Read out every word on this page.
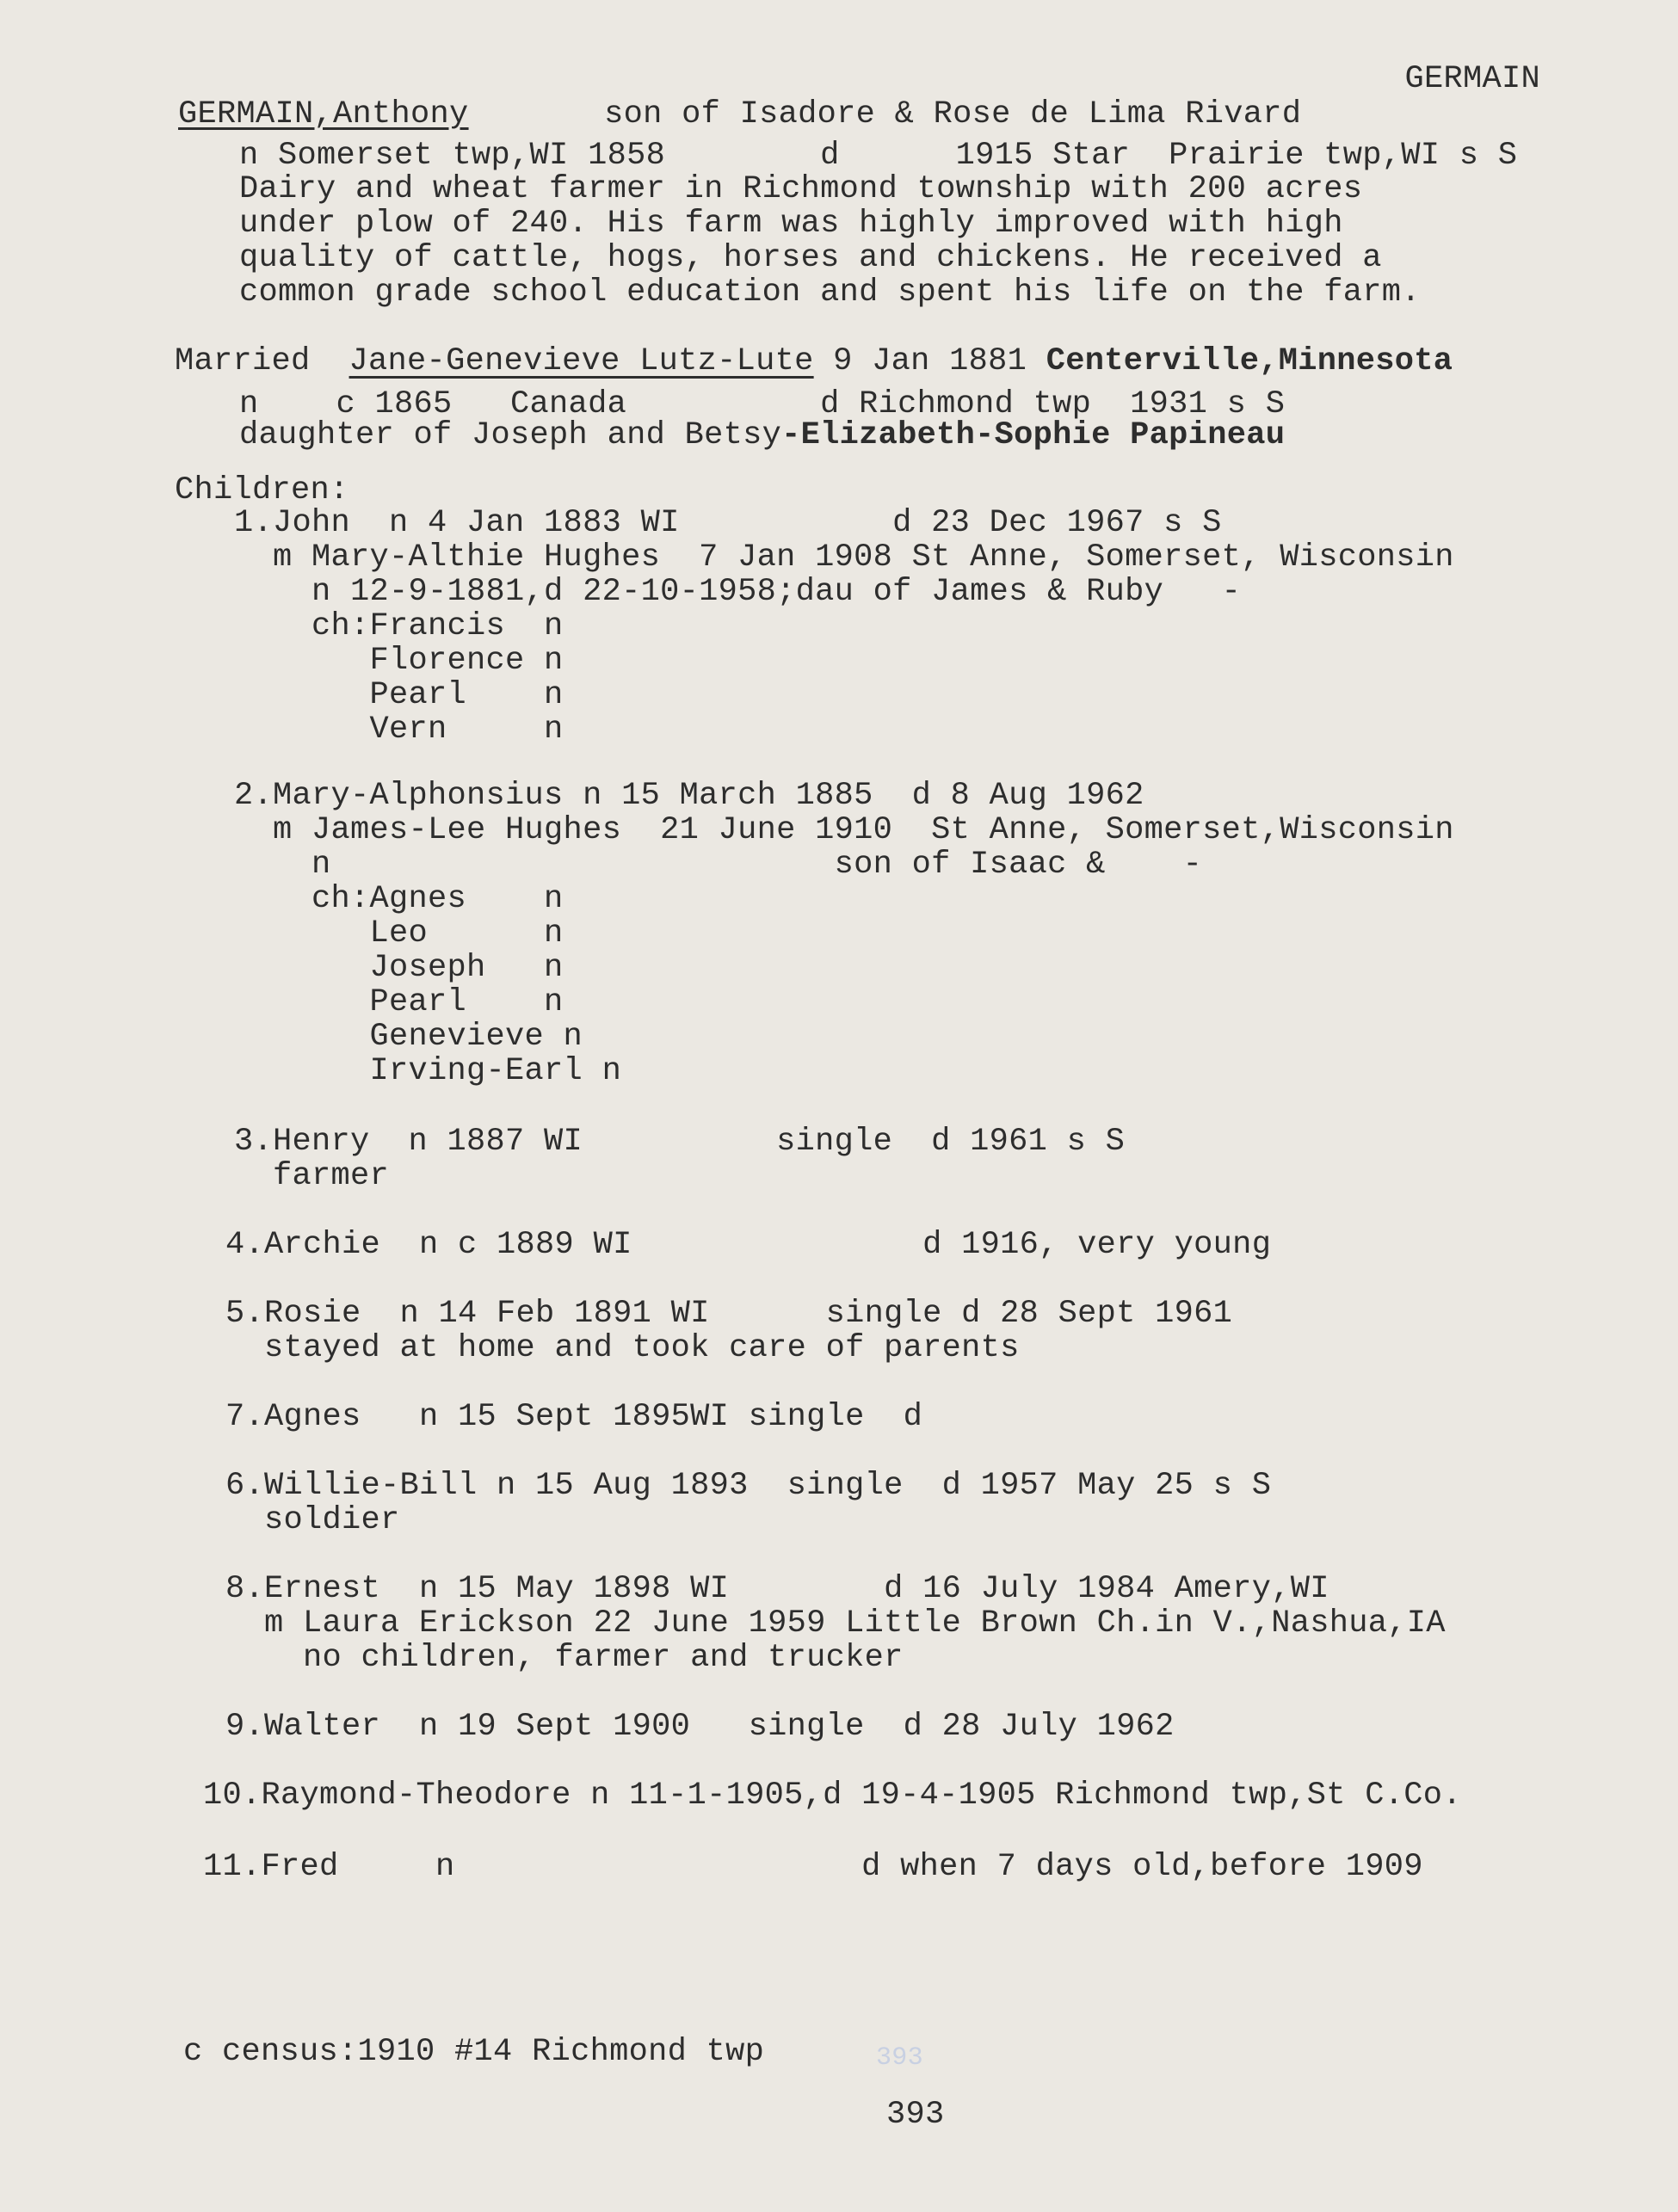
GERMAIN
GERMAIN,Anthony	son of Isadore & Rose de Lima Rivard
n Somerset twp,WI 1858        d      1915 Star  Prairie twp,WI s S
Dairy and wheat farmer in Richmond township with 200 acres
under plow of 240. His farm was highly improved with high
quality of cattle, hogs, horses and chickens. He received a
common grade school education and spent his life on the farm.
Married Jane-Genevieve Lutz-Lute 9 Jan 1881 Centerville,Minnesota
n    c 1865   Canada          d Richmond twp  1931 s S
daughter of Joseph and Betsy-Elizabeth-Sophie Papineau
Children:
1.John  n 4 Jan 1883 WI           d 23 Dec 1967 s S
m Mary-Althie Hughes  7 Jan 1908 St Anne, Somerset, Wisconsin
n 12-9-1881,d 22-10-1958;dau of James & Ruby   -
ch:Francis  n
Florence n
Pearl    n
Vern     n
2.Mary-Alphonsius n 15 March 1885  d 8 Aug 1962
m James-Lee Hughes  21 June 1910  St Anne, Somerset,Wisconsin
n                          son of Isaac &    -
ch:Agnes    n
Leo      n
Joseph   n
Pearl    n
Genevieve n
Irving-Earl n
3.Henry  n 1887 WI          single  d 1961 s S
farmer
4.Archie  n c 1889 WI               d 1916, very young
5.Rosie  n 14 Feb 1891 WI      single d 28 Sept 1961
stayed at home and took care of parents
7.Agnes   n 15 Sept 1895WI single  d
6.Willie-Bill n 15 Aug 1893  single  d 1957 May 25 s S
soldier
8.Ernest  n 15 May 1898 WI        d 16 July 1984 Amery,WI
m Laura Erickson 22 June 1959 Little Brown Ch.in V.,Nashua,IA
no children, farmer and trucker
9.Walter  n 19 Sept 1900   single  d 28 July 1962
10.Raymond-Theodore n 11-1-1905,d 19-4-1905 Richmond twp,St C.Co.
11.Fred     n                     d when 7 days old,before 1909
c census:1910 #14 Richmond twp	393
393
